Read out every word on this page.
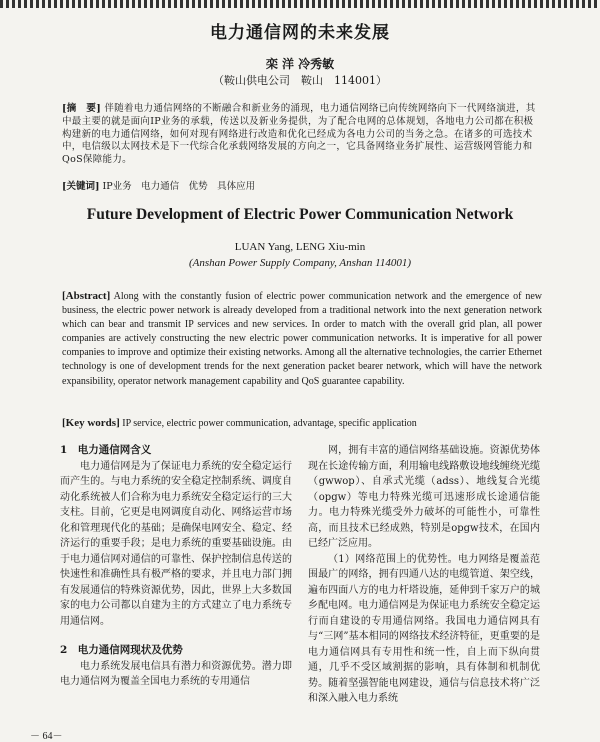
电力通信网的未来发展
栾 洋 冷秀敏
（鞍山供电公司　鞍山　114001）
[摘　要] 伴随着电力通信网络的不断融合和新业务的涌现，电力通信网络已向传统网络向下一代网络演进，其中最主要的就是面向IP业务的承载，传送以及新业务提供，为了配合电网的总体规划，各地电力公司都在积极构建新的电力通信网络，如何对现有网络进行改造和优化已经成为各电力公司的当务之急。在诸多的可选技术中，电信级以太网技术是下一代综合化承载网络发展的方向之一，它具备网络业务扩展性、运营级网管能力和QoS保障能力。
[关键词] IP业务　电力通信　优势　具体应用
Future Development of Electric Power Communication Network
LUAN Yang, LENG Xiu-min
(Anshan Power Supply Company, Anshan 114001)
[Abstract] Along with the constantly fusion of electric power communication network and the emergence of new business, the electric power network is already developed from a traditional network into the next generation network which can bear and transmit IP services and new services. In order to match with the overall grid plan, all power companies are actively constructing the new electric power communication networks. It is imperative for all power companies to improve and optimize their existing networks. Among all the alternative technologies, the carrier Ethernet technology is one of development trends for the next generation packet bearer network, which will have the network expansibility, operator network management capability and QoS guarantee capability.
[Key words] IP service, electric power communication, advantage, specific application

1　电力通信网含义

电力通信网是为了保证电力系统的安全稳定运行而产生的。与电力系统的安全稳定控制系统、调度自动化系统被人们合称为电力系统安全稳定运行的三大支柱。目前，它更是电网调度自动化、网络运营市场化和管理现代化的基础；是确保电网安全、稳定、经济运行的重要手段；是电力系统的重要基础设施。由于电力通信网对通信的可靠性、保护控制信息传送的快速性和准确性具有极严格的要求，并且电力部门拥有发展通信的特殊资源优势，因此，世界上大多数国家的电力公司都以自建为主的方式建立了电力系统专用通信网。

2　电力通信网现状及优势

电力系统发展电信具有潜力和资源优势。潜力即电力通信网为覆盖全国电力系统的专用通信

网，拥有丰富的通信网络基础设施。资源优势体现在长途传输方面，利用输电线路敷设地线缠绕光缆（gwwop）、自承式光缆（adss）、地线复合光缆（opgw）等电力特殊光缆可迅速形成长途通信能力。电力特殊光缆受外力破坏的可能性小，可靠性高，而且技术已经成熟，特别是opgw技术，在国内已经广泛应用。

（1）网络范围上的优势性。电力网络是覆盖范围最广的网络，拥有四通八达的电缆管道、架空线，遍布四面八方的电力杆塔设施，延伸到千家万户的城乡配电网。电力通信网是为保证电力系统安全稳定运行而自建设的专用通信网络。我国电力通信网具有与“三网”基本相同的网络技术经济特征，更重要的是电力通信网具有专用性和统一性，自上而下纵向贯通，几乎不受区域割据的影响，具有体制和机制优势。随着坚强智能电网建设，通信与信息技术将广泛和深入融入电力系统

－ 64－
